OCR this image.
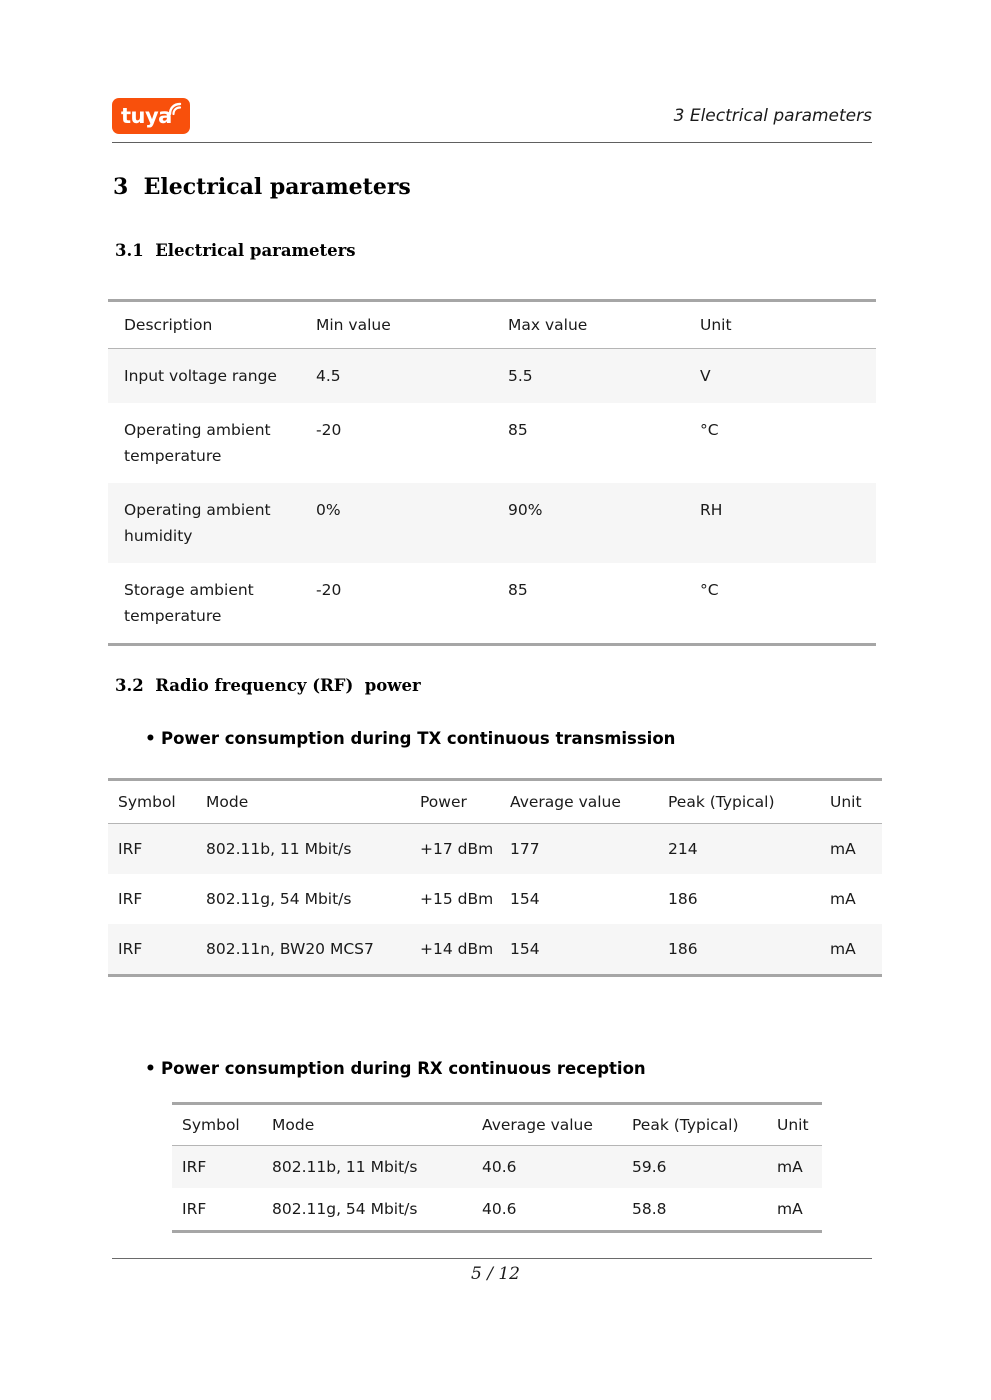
tuya	3 Electrical parameters
3  Electrical parameters
3.1  Electrical parameters
Description	Min value	Max value	Unit
Input voltage range	4.5	5.5	V
Operating ambient temperature	-20	85	°C
Operating ambient humidity	0%	90%	RH
Storage ambient temperature	-20	85	°C
3.2  Radio frequency (RF)  power
• Power consumption during TX continuous transmission
Symbol	Mode	Power	Average value	Peak (Typical)	Unit
IRF	802.11b, 11 Mbit/s	+17 dBm	177	214	mA
IRF	802.11g, 54 Mbit/s	+15 dBm	154	186	mA
IRF	802.11n, BW20 MCS7	+14 dBm	154	186	mA
• Power consumption during RX continuous reception
Symbol	Mode	Average value	Peak (Typical)	Unit
IRF	802.11b, 11 Mbit/s	40.6	59.6	mA
IRF	802.11g, 54 Mbit/s	40.6	58.8	mA
5 / 12
